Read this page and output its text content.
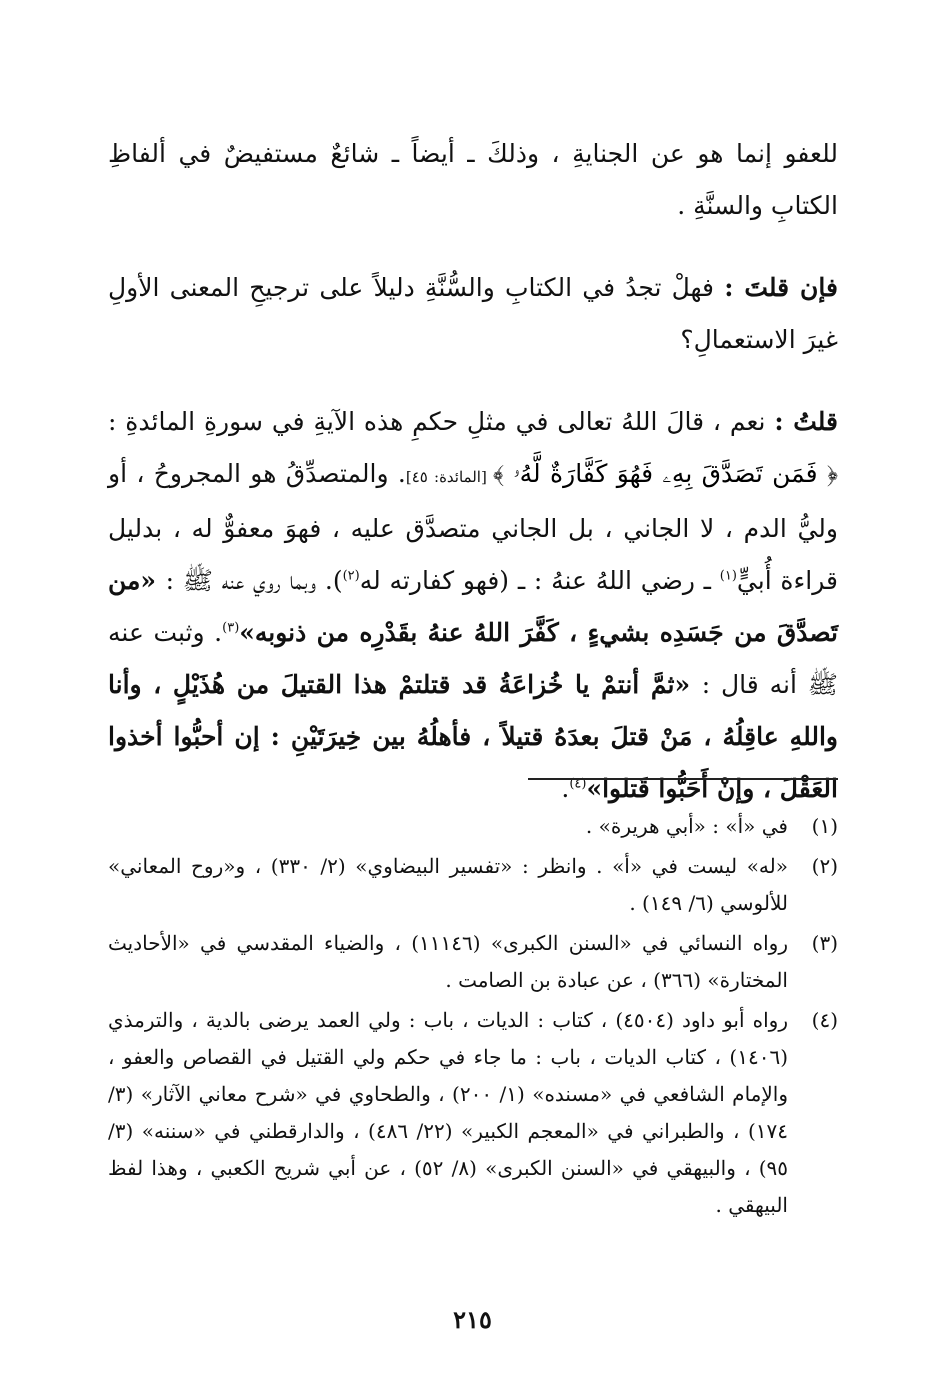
للعفو إنما هو عن الجنايةِ ، وذلكَ ـ أيضاً ـ شائعٌ مستفيضٌ في ألفاظِ الكتابِ والسنَّةِ .

فإن قلتَ : فهلْ تجدُ في الكتابِ والسُّنَّةِ دليلاً على ترجيحِ المعنى الأولِ غيرَ الاستعمالِ؟

قلتُ : نعم ، قالَ اللهُ تعالى في مثلِ حكمِ هذه الآيةِ في سورةِ المائدةِ : ﴿ فَمَن تَصَدَّقَ بِهِۦ فَهُوَ كَفَّارَةٌ لَّهُۥ ﴾ [المائدة: ٤٥]. والمتصدِّقُ هو المجروحُ ، أو وليُّ الدم ، لا الجاني ، بل الجاني متصدَّق عليه ، فهوَ معفوٌّ له ، بدليل قراءة أُبيٍّ$^{(١)}$ ـ رضي اللهُ عنهُ : ـ (فهو كفارته له$^{(٢)}$). وبما روي عنه ﷺ : «من تَصدَّقَ من جَسَدِه بشيءٍ ، كَفَّرَ اللهُ عنهُ بقَدْرِه من ذنوبه»$^{(٣)}$. وثبت عنه ﷺ أنه قال : «ثمَّ أنتمْ يا خُزاعَةُ قد قتلتمْ هذا القتيلَ من هُذَيْلٍ ، وأنا واللهِ عاقِلُهُ ، مَنْ قتلَ بعدَهُ قتيلاً ، فأهلُهُ بين خِيرَتَيْنِ : إن أحبُّوا أخذوا العَقْلَ ، وإنْ أَحَبُّوا قَتلوا»$^{(٤)}$.

(١)
في «أ» : «أبي هريرة» .
(٢)
«له» ليست في «أ» . وانظر : «تفسير البيضاوي» (٢/ ٣٣٠) ، و«روح المعاني» للألوسي (٦/ ١٤٩) .
(٣)
رواه النسائي في «السنن الكبرى» (١١١٤٦) ، والضياء المقدسي في «الأحاديث المختارة» (٣٦٦) ، عن عبادة بن الصامت .
(٤)
رواه أبو داود (٤٥٠٤) ، كتاب : الديات ، باب : ولي العمد يرضى بالدية ، والترمذي (١٤٠٦) ، كتاب الديات ، باب : ما جاء في حكم ولي القتيل في القصاص والعفو ، والإمام الشافعي في «مسنده» (١/ ٢٠٠) ، والطحاوي في «شرح معاني الآثار» (٣/ ١٧٤) ، والطبراني في «المعجم الكبير» (٢٢/ ٤٨٦) ، والدارقطني في «سننه» (٣/ ٩٥) ، والبيهقي في «السنن الكبرى» (٨/ ٥٢) ، عن أبي شريح الكعبي ، وهذا لفظ البيهقي .
٢١٥
